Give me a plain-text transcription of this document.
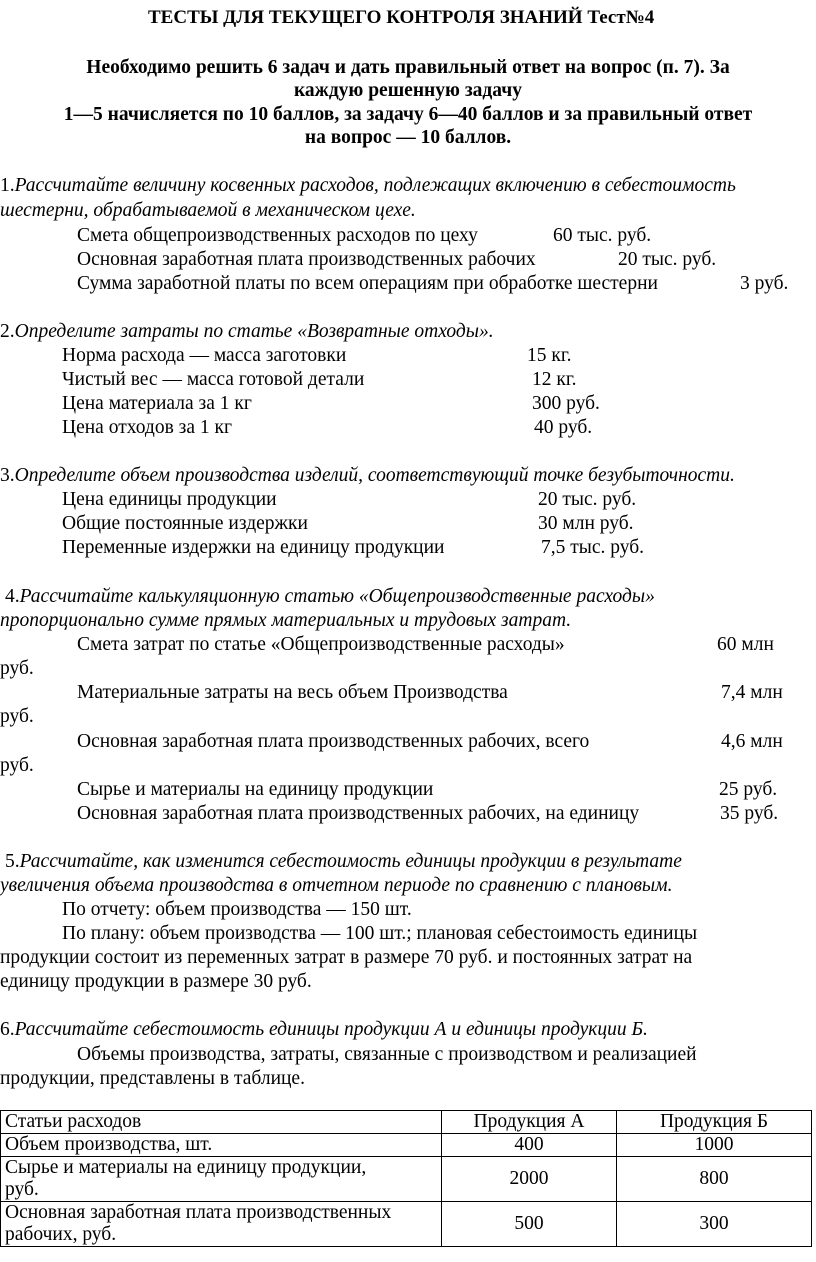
ТЕСТЫ ДЛЯ ТЕКУЩЕГО КОНТРОЛЯ ЗНАНИЙ Тест№4
Необходимо решить 6 задач и дать правильный ответ на вопрос (п. 7). За
каждую решенную задачу
1—5 начисляется по 10 баллов, за задачу 6—40 баллов и за правильный ответ
на вопрос — 10 баллов.
1.Рассчитайте величину косвенных расходов, подлежащих включению в себестоимость
шестерни, обрабатываемой в механическом цехе.
Смета общепроизводственных расходов по цеху	60 тыс. руб.
Основная заработная плата производственных рабочих	20 тыс. руб.
Сумма заработной платы по всем операциям при обработке шестерни	3 руб.
2.Определите затраты по статье «Возвратные отходы».
Норма расхода — масса заготовки	15 кг.
Чистый вес — масса готовой детали	12 кг.
Цена материала за 1 кг	300 руб.
Цена отходов за 1 кг	40 руб.
3.Определите объем производства изделий, соответствующий точке безубыточности.
Цена единицы продукции	20 тыс. руб.
Общие постоянные издержки	30 млн руб.
Переменные издержки на единицу продукции	7,5 тыс. руб.
4.Рассчитайте калькуляционную статью «Общепроизводственные расходы»
пропорционально сумме прямых материальных и трудовых затрат.
Смета затрат по статье «Общепроизводственные расходы»	60 млн
руб.
Материальные затраты на весь объем Производства	7,4 млн
руб.
Основная заработная плата производственных рабочих, всего	4,6 млн
руб.
Сырье и материалы на единицу продукции	25 руб.
Основная заработная плата производственных рабочих, на единицу	35 руб.
5.Рассчитайте, как изменится себестоимость единицы продукции в результате
увеличения объема производства в отчетном периоде по сравнению с плановым.
По отчету: объем производства — 150 шт.
По плану: объем производства — 100 шт.; плановая себестоимость единицы
продукции состоит из переменных затрат в размере 70 руб. и постоянных затрат на
единицу продукции в размере 30 руб.
6.Рассчитайте себестоимость единицы продукции А и единицы продукции Б.
Объемы производства, затраты, связанные с производством и реализацией
продукции, представлены в таблице.
Статьи расходов	Продукция А	Продукция Б
Объем производства, шт.	400	1000
Сырье и материалы на единицу продукции,
руб.	2000	800
Основная заработная плата производственных
рабочих, руб.	500	300
